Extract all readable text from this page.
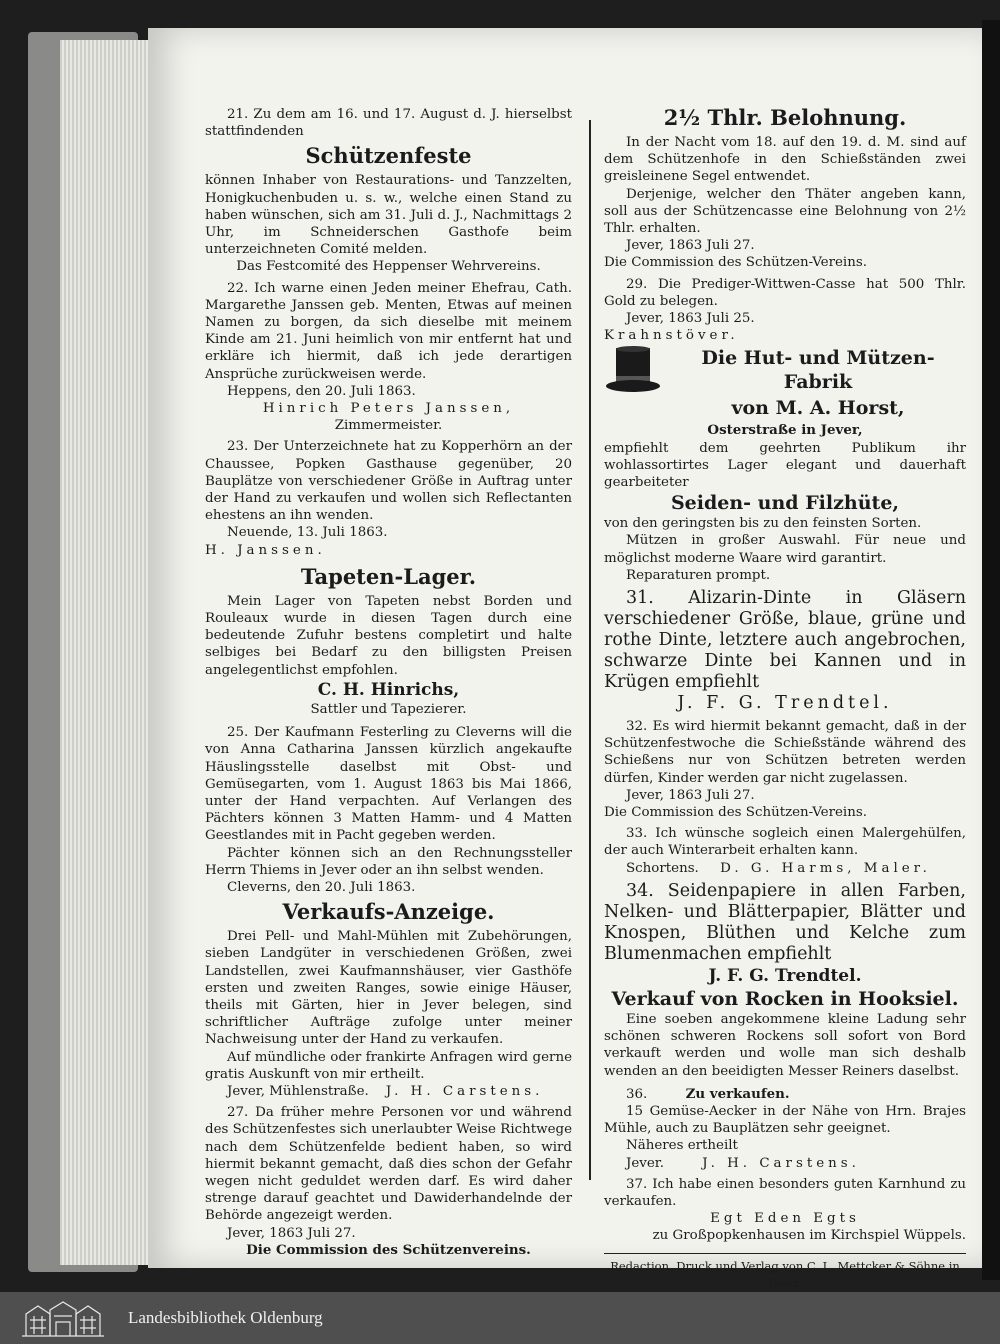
21. Zu dem am 16. und 17. August d. J. hierselbst stattfindenden

Schützenfeste

können Inhaber von Restaurations- und Tanzzelten, Honigkuchenbuden u. s. w., welche einen Stand zu haben wünschen, sich am 31. Juli d. J., Nachmittags 2 Uhr, im Schneiderschen Gasthofe beim unterzeichneten Comité melden.

Das Festcomité des Heppenser Wehrvereins.

22. Ich warne einen Jeden meiner Ehefrau, Cath. Margarethe Janssen geb. Menten, Etwas auf meinen Namen zu borgen, da sich dieselbe mit meinem Kinde am 21. Juni heimlich von mir entfernt hat und erkläre ich hiermit, daß ich jede derartigen Ansprüche zurückweisen werde.

Heppens, den 20. Juli 1863.

Hinrich Peters Janssen,

Zimmermeister.

23. Der Unterzeichnete hat zu Kopperhörn an der Chaussee, Popken Gasthause gegenüber, 20 Bauplätze von verschiedener Größe in Auftrag unter der Hand zu verkaufen und wollen sich Reflectanten ehestens an ihn wenden.

Neuende, 13. Juli 1863.

H. Janssen.

Tapeten-Lager.

Mein Lager von Tapeten nebst Borden und Rouleaux wurde in diesen Tagen durch eine bedeutende Zufuhr bestens completirt und halte selbiges bei Bedarf zu den billigsten Preisen angelegentlichst empfohlen.

C. H. Hinrichs,

Sattler und Tapezierer.

25. Der Kaufmann Festerling zu Cleverns will die von Anna Catharina Janssen kürzlich angekaufte Häuslingsstelle daselbst mit Obst- und Gemüsegarten, vom 1. August 1863 bis Mai 1866, unter der Hand verpachten. Auf Verlangen des Pächters können 3 Matten Hamm- und 4 Matten Geestlandes mit in Pacht gegeben werden.

Pächter können sich an den Rechnungssteller Herrn Thiems in Jever oder an ihn selbst wenden.

Cleverns, den 20. Juli 1863.

Verkaufs-Anzeige.

Drei Pell- und Mahl-Mühlen mit Zubehörungen, sieben Landgüter in verschiedenen Größen, zwei Landstellen, zwei Kaufmannshäuser, vier Gasthöfe ersten und zweiten Ranges, sowie einige Häuser, theils mit Gärten, hier in Jever belegen, sind schriftlicher Aufträge zufolge unter meiner Nachweisung unter der Hand zu verkaufen.

Auf mündliche oder frankirte Anfragen wird gerne gratis Auskunft von mir ertheilt.

Jever, Mühlenstraße. J. H. Carstens.

27. Da früher mehre Personen vor und während des Schützenfestes sich unerlaubter Weise Richtwege nach dem Schützenfelde bedient haben, so wird hiermit bekannt gemacht, daß dies schon der Gefahr wegen nicht geduldet werden darf. Es wird daher strenge darauf geachtet und Dawiderhandelnde der Behörde angezeigt werden.

Jever, 1863 Juli 27.

Die Commission des Schützenvereins.

2½ Thlr. Belohnung.

In der Nacht vom 18. auf den 19. d. M. sind auf dem Schützenhofe in den Schießständen zwei greisleinene Segel entwendet.

Derjenige, welcher den Thäter angeben kann, soll aus der Schützencasse eine Belohnung von 2½ Thlr. erhalten.

Jever, 1863 Juli 27.

Die Commission des Schützen-Vereins.

29. Die Prediger-Wittwen-Casse hat 500 Thlr. Gold zu belegen.

Jever, 1863 Juli 25.

Krahnstöver.

Die Hut- und Mützen-Fabrik
von M. A. Horst,

Osterstraße in Jever,

empfiehlt dem geehrten Publikum ihr wohlassortirtes Lager elegant und dauerhaft gearbeiteter

Seiden- und Filzhüte,

von den geringsten bis zu den feinsten Sorten.

Mützen in großer Auswahl. Für neue und möglichst moderne Waare wird garantirt.

Reparaturen prompt.

31. Alizarin-Dinte in Gläsern verschiedener Größe, blaue, grüne und rothe Dinte, letztere auch angebrochen, schwarze Dinte bei Kannen und in Krügen empfiehlt

J. F. G. Trendtel.

32. Es wird hiermit bekannt gemacht, daß in der Schützenfestwoche die Schießstände während des Schießens nur von Schützen betreten werden dürfen, Kinder werden gar nicht zugelassen.

Jever, 1863 Juli 27.

Die Commission des Schützen-Vereins.

33. Ich wünsche sogleich einen Malergehülfen, der auch Winterarbeit erhalten kann.

Schortens. D. G. Harms, Maler.

34. Seidenpapiere in allen Farben, Nelken- und Blätterpapier, Blätter und Knospen, Blüthen und Kelche zum Blumenmachen empfiehlt

J. F. G. Trendtel.

Verkauf von Rocken in Hooksiel.

Eine soeben angekommene kleine Ladung sehr schönen schweren Rockens soll sofort von Bord verkauft werden und wolle man sich deshalb wenden an den beeidigten Messer Reiners daselbst.

36.	Zu verkaufen.

15 Gemüse-Aecker in der Nähe von Hrn. Brajes Mühle, auch zu Bauplätzen sehr geeignet.

Näheres ertheilt

Jever.	J. H. Carstens.

37. Ich habe einen besonders guten Karnhund zu verkaufen.

Egt Eden Egts

zu Großpopkenhausen im Kirchspiel Wüppels.

Redaction, Druck und Verlag von C. L. Mettcker & Söhne in Jever.

Landesbibliothek Oldenburg
